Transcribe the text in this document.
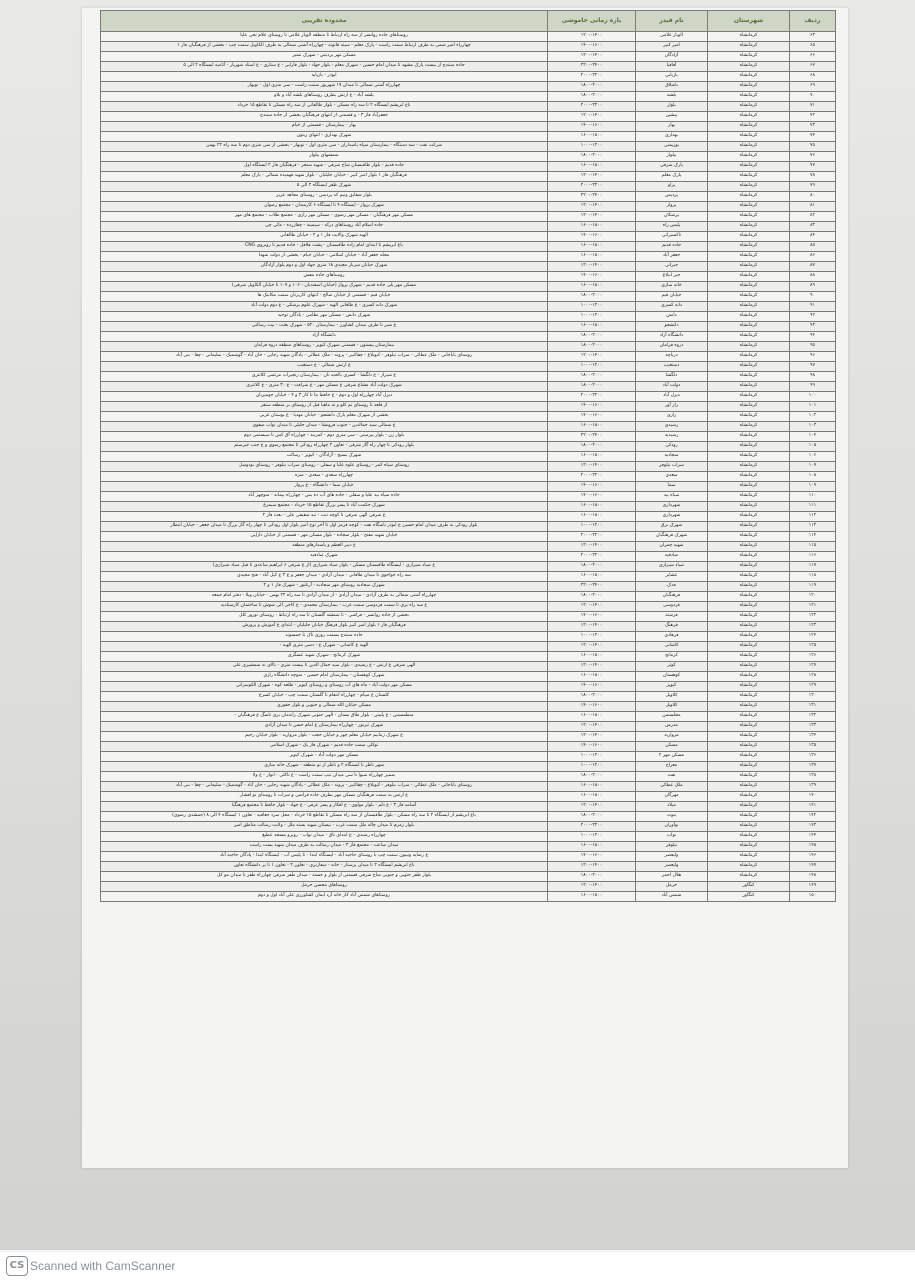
ردیف	شهرستان	نام فیدر	بازه زمانی خاموشی	محدوده تقریبی
۶۳	کرمانشاه	الوبار غلامی	۱۲۰۰-۱۴۰۰	روستاهای جاده روانسر از سه راه ارتباط تا منطقه الوبار غلامی تا روستای علام نجی علیا
۶۵	کرمانشاه	امیر کبیر	۱۴۰۰-۱۶۰۰	چهارراه امیر شمی به طرف ارتباط سمت راست - پارک معلم - سینه قانونه - چهارراه آشتی شمالی به طرف الکاویل سمت چپ - بخشی از فرهنگیان فاز ۱
۶۶	کرمانشاه	آزادگان	۱۲۰۰-۱۴۰۰	مسکن مهر پردیس - شهرک ممیز
۶۷	کرمانشاه	آفاقیا	۲۲۰۰-۲۴۰۰	جاده سنندج از بیست پارک مشهد تا میدان امام حسین - شهرک معلم - بلوار جهاد - بلوار فارابی - ع ستاری - ع استاد شهریار - آتامیه ایستگاه ۲ الی ۵
۶۸	کرمانشاه	بازیابی	۲۰۰۰-۲۲۰۰	ابوذر - بازیابه
۶۹	کرمانشاه	باشلاق	۱۸۰۰-۲۰۰۰	چهارراه آشتی شمالی تا میدان ۱۷ شهریور سمت راست - سی متری اول - نوبهار
۷۰	کرمانشاه	بلشه	۱۸۰۰-۲۰۰۰	بلشه آباد - ع ارتش بطرف روستاهای بلشه آباد و بلاو
۷۱	کرمانشاه	بلوار	۲۰۰۰-۲۲۰۰	باغ ابریشم ایستگاه ۲ تا سه راه مسکن - بلوار طالقانی از سه راه مسکن تا تقاطع ۱۵ خرداد
۷۲	کرمانشاه	بیشین	۱۲۰۰-۱۴۰۰	جعفرآباد فاز ۳ - و قسمتی از انتهای فرهنگیان بخشی از جاده سنندج
۷۳	کرمانشاه	بهار	۱۴۰۰-۱۶۰۰	بهار - بیمارستان - قسمتی از خیام
۷۴	کرمانشاه	بهداری	۱۶۰۰-۱۸۰۰	شهرک بهداری - انتهای زیتون
۷۵	کرمانشاه	بوزیمنی	۱۰۰۰-۱۲۰۰	شرکت نفت - سه دستگاه - بیمارستان سپاه پاسداران - سی متری اول - نوبهار - بخشی از سی متری دوم تا سه راه ۲۲ بهمن
۷۶	کرمانشاه	بیلوار	۱۸۰۰-۲۰۰۰	شمشهای بیلوار
۷۷	کرمانشاه	پارک شرقی	۱۶۰۰-۱۸۰۰	جاده قدیم - بلوار طاقبستان شاخ شرقی - شهید سنجر - فرهنگیان فاز ۲ ایستگاه اول
۷۸	کرمانشاه	پارک معلم	۱۲۰۰-۱۴۰۰	فرهنگیان فاز ۱ بلوار امیر کبیر - خیابان جلیلیان - بلوار شهید فهمیده شمالی - پارک معلم
۷۹	کرمانشاه	پراو	۲۰۰۰-۲۲۰۰	شهرک ظفر ایستگاه ۲ الی ۵
۸۰	کرمانشاه	پردیس	۲۲۰۰-۲۴۰۰	بلوار شقایق ونیم کد پردیس - روستای مجاهد عزیز
۸۱	کرمانشاه	پرواز	۱۲۰۰-۱۴۰۰	شهرک پرواز - ایستگاه ۴ تا ایستگاه ۶ کارمندان - مجتمع رضوان
۸۲	کرمانشاه	پزشکان	۱۲۰۰-۱۴۰۰	مسکن مهر فرهنگیان - مسکن مهر رضوی - مسکن مهر رازی - مجتمع طلاب - مجتمع های مهر
۸۳	کرمانشاه	پلیس راه	۱۶۰۰-۱۸۰۰	جاده اسلام آباد روستاهای درکه - سیمینه - چقازرده - مائی چی
۸۴	کرمانشاه	تاکسیرانی	۱۴۰۰-۱۶۰۰	الهیه شهرک والایت فاز ۱ و ۲ - خیابان طالقانی
۸۵	کرمانشاه	جاده قدیم	۱۶۰۰-۱۸۰۰	باغ ابریشم تا ابتدای امام زاده طاقبستان - پشت فلافل - جاده قدیم تا روبروی CNG
۸۶	کرمانشاه	جعفر آباد	۱۶۰۰-۱۸۰۰	محله جعفر آباد - خیابان اسلامی - خیابان خیام - بخشی از دولت شهدا
۸۷	کرمانشاه	جیرانی	۱۲۰۰-۱۴۰۰	شهرک خیابان سرباز مجیدی ۱۸ متری جهاد اول و دوم بلوار آزادگان
۸۸	کرمانشاه	جیر انبلاغ	۱۴۰۰-۱۶۰۰	روستاهای جاده بنفش
۸۹	کرمانشاه	خانه سازی	۱۶۰۰-۱۸۰۰	مسکن مهر پلی جاده قدیم - شهرک پرواز (خیابان اسفندیان - ۱۰۶ و ۱۰۷ تا خیابان الکاویل شرقی)
۹۰	کرمانشاه	خیابان قیم	۱۸۰۰-۲۰۰۰	خیابان قیم - قسمتی از خیابان صالح - انتهای کاربرتان سمت مکانیک ها
۹۱	کرمانشاه	دانه کسری	۱۰۰۰-۱۲۰۰	شهرک دانه کسری - ع طاقانی الهیه - شهرک علوم پزشکی - ع دوم دولت آباد
۹۲	کرمانشاه	دانش	۱۰۰۰-۱۲۰۰	شهرک دانش - مسکن مهر نظامی - پادگان توحید
۹۳	کرمانشاه	دانشجو	۱۶۰۰-۱۸۰۰	ع شیر تا طرف میدان کشاورز - بیمارستان ۵۲۰ - شهرک بعثت - بیت رسالتی
۹۴	کرمانشاه	دانشگاه آزاد	۱۸۰۰-۲۰۰۰	دانشگاه آزاد
۹۵	کرمانشاه	دروه فرامان	۱۸۰۰-۲۰۰۰	بیمارستان پیستون - قسمتی شهرک کیوپر - روستاهای منطقه دروه فرامان
۹۶	کرمانشاه	دریاچه	۱۲۰۰-۱۴۰۰	روستای باباجانی - ملک عطائی - سراب نیلوفر - کیوبلاغ - چقاکبیر - پروند - ملک عطائی - پادگان شهید رجایی - خان آباد - گوشمیک - سلیمانی - چقا - بنی آباد
۹۷	کرمانشاه	دستغیب	۱۰۰۰-۱۲۰۰	ع ارتش شمالی - ع دستغیب
۹۸	کرمانشاه	دلگشا	۱۸۰۰-۲۰۰۰	ع شیراز - ع دلگشا - کسری بالحیه نان - بیمارستان زنجیراب مرتضی کلانتری
۹۹	کرمانشاه	دولت آباد	۱۸۰۰-۲۰۰۰	شهرک دولت آباد مشاع شرقی ع مسکن مهر - ع شرافت - ع ۳۰ متری - ع کلانتری
۱۰۰	کرمانشاه	دیزل آباد	۲۰۰۰-۲۲۰۰	دیزل آباد چهارراه اول و دوم - ع حافظ ما تا کار ۳ و ۴ - خیابان جومیزبان
۱۰۱	کرمانشاه	راز آور	۱۴۰۰-۱۶۰۰	از قلعه تا روستای نم کلو و نه ماهیا قبل از روستای بر منطقه سنقر
۱۰۲	کرمانشاه	رازی	۱۴۰۰-۱۶۰۰	بخشی از شهرک معلم پارک دانشجو - خیابان مهدیا - ع بوستان غربی
۱۰۳	کرمانشاه	رشیدی	۱۶۰۰-۱۸۰۰	ع شمالی سید جمالدین - جنوب فرونشا - میدان جلیلی تا میدان نواب صفوی
۱۰۴	کرمانشاه	رشیدیه	۲۲۰۰-۲۴۰۰	بلوار زن - بلوار پیرمینی - سی متری دوم - کمربند - چهارراه آق کش تا سیستمی دوم
۱۰۵	کرمانشاه	رودکی	۱۸۰۰-۲۰۰۰	بلوار رودکی تا چهار راه گاز شرقی - تعاون ۲ چهارراه رودکی تا مجتمع رضوی و ع جنب جیرستم
۱۰۶	کرمانشاه	سجادیه	۱۶۰۰-۱۸۰۰	شهرک بسیج - آزادگان - کیوپر - رسالت
۱۰۷	کرمانشاه	سراب نیلوفر	۱۲۰۰-۱۴۰۰	روستای سیاه کمر - روستای علوه علیا و سفلی - روستای سراب نیلوفر - روستای نودوسل
۱۰۸	کرمانشاه	سعدی	۲۰۰۰-۲۲۰۰	چهارراه سعدی - سعدی - منزه
۱۰۹	کرمانشاه	سما	۱۴۰۰-۱۶۰۰	خیابان سما - دانشگاه - ع پرواز
۱۱۰	کرمانشاه	سیاه بید	۱۴۰۰-۱۶۰۰	جاده سیاه بید علیا و سفلی - جاده های آب ده بس - چهارراه بیمانه - منوچهر آباد
۱۱۱	کرمانشاه	شهرداری	۱۶۰۰-۱۸۰۰	شهرک حکمت آباد تا پسر بزرگ تقاطع ۱۵ خرداد - مجتمع سیمرغ
۱۱۲	کرمانشاه	شهرداری	۱۶۰۰-۱۸۰۰	ع شرقی الهی شرقی تا کوچه ثبت - تیه شقیقی علی - بعث فاز ۲
۱۱۳	کرمانشاه	شهرک برق	۱۰۰۰-۱۲۰۰	بلوار رودکی به طرف میدان امام حسین ع ابوذر باشگاه نفت - کوچه قرمز اول تا آخر نوح امیر بلوار اول رودکی تا چهار راه گاز بزرگ تا میدان جعفر - خیابان انتظار
۱۱۴	کرمانشاه	شهرک فرهنگیان	۲۰۰۰-۲۲۰۰	خیابان شهید مفتح - بلوار سجاده - بلوار مسکن مهر - قسمتی از خیابان داراپی
۱۱۵	کرمانشاه	شهید چمران	۱۲۰۰-۱۴۰۰	ع دبیر العظم و پاسدارهای منطقه
۱۱۶	کرمانشاه	صادقیه	۲۰۰۰-۲۲۰۰	شهرک صادقیه
۱۱۷	کرمانشاه	صیاد شیرازی	۱۸۰۰-۲۰۰۰	ع صیاد شیرازی - ایستگاه طاقبستان مسکن - بلوار صیاد شیرازی (از ع شرقی ۶ ابراهیم ساعدی تا قبل صیاد شیرازی)
۱۱۸	کرمانشاه	عشایر	۱۶۰۰-۱۸۰۰	سه راه خواجوی تا میدان طاقانی - میدان آزادی - میدان جعفر و ع ۳ ع کیل آباد - فتح مجیدی
۱۱۹	کرمانشاه	فدک	۲۲۰۰-۲۴۰۰	شهرک سجادیه روستای مهر سجادیه - آرنلنور - شهرک فاز ۱ و ۲
۱۲۰	کرمانشاه	فرهنگیان	۱۸۰۰-۲۰۰۰	چهارراه آشتی شمالی به طرف آزادی - میدان آزادی - از میدان آزادی تا سه راه ۲۲ بهمن - خیابان ویلا - دفتر امام جمعه
۱۲۱	کرمانشاه	فردوسی	۱۲۰۰-۱۴۰۰	ع سه راه بری تا سمت فردوسی سمت غرب - بیمارستان محمدی - ع کاخی الی شوش تا ساختمان کارستادیه
۱۲۲	کرمانشاه	فرشته	۱۴۰۰-۱۶۰۰	بخشی از جاده روانسر - فراشی - تا شمشه گلستان تا سه راه ارتباط - روستای تورور کلل
۱۲۳	کرمانشاه	فرهنگ	۱۲۰۰-۱۴۰۰	فرهنگیان فاز ۱ بلوار امیر کبیر بلوار فرهنگ خیابان جلیلیان - ابتدای ع آموزش و پرورش
۱۲۴	کرمانشاه	فرهادی	۱۰۰۰-۱۲۰۰	جاده سنندج بسمت روزی تاک تا خمسوند
۱۲۵	کرمانشاه	کاشانی	۱۲۰۰-۱۴۰۰	الهیه ع کاشانی - شهرک ع - دسی متری الهیه -
۱۲۶	کرمانشاه	کرمانج	۱۶۰۰-۱۸۰۰	شهرک کرمانج - شهرک شهید عسگری
۱۲۷	کرمانشاه	کوثر	۱۲۰۰-۱۴۰۰	الهی شرقی ع ارتش - ع رشیدی - بلوار سید جمال الدین تا بیست متری - بالای نه شمشیری علی
۱۲۸	کرمانشاه	کوهستان	۱۶۰۰-۱۸۰۰	شهرک کوهستان - بیمارستان امام حسین - منوچه دانشگاه رازی
۱۲۹	کرمانشاه	کیوپر	۱۴۰۰-۱۶۰۰	مسکن مهر دولت آباد - ماه های آب روستای و روستای کیوپر - طلعه کوه - شهرک الکوسرانی
۱۳۰	کرمانشاه	کلاویل	۱۸۰۰-۲۰۰۰	کلستان ع مبیام - چهارراه انتقام تا گلستان سمت چپ - خیابان کسرع
۱۳۱	کرمانشاه	کلاویل	۱۴۰۰-۱۶۰۰	مسکن خیابان الله شمالی و جنوبی و بلوار حقوری
۱۳۲	کرمانشاه	مخلستس	۱۶۰۰-۱۸۰۰	منطمستین - ع پلیس - بلوار طاق بستان - الهی جنوبی شهرک راندمان بری تاشگ ع فرهنگیان -
۱۳۳	کرمانشاه	مدرس	۱۲۰۰-۱۴۰۰	شهرک تیرنور - چهارراه بیمارستان ع امام حسن تا میدان آزادی
۱۳۴	کرمانشاه	مروارید	۱۲۰۰-۱۴۰۰	ع شهرک زمانیم خیابان معلم جهر و خیابان حجت - بلوار مروارید - بلوار خیابان رحیم
۱۳۵	کرمانشاه	مسکن	۱۴۰۰-۱۶۰۰	توکلی سمت جاده قدیم - شهرک فاز یک - شهرک اسلامی
۱۳۶	کرمانشاه	مسکن مهر ۲	۱۰۰۰-۱۲۰۰	مسکن مهر دولت آباد - شهرک کیوپر
۱۳۷	کرمانشاه	معراج	۱۰۰۰-۱۲۰۰	شهر ناظر تا ایستگاه ۲ و ناظر از تو منطقه - شهرک خانه سازی
۱۳۸	کرمانشاه	نفت	۱۸۰۰-۲۰۰۰	ضمیر چهارراه سیوا تا سی میدان تیپ سمت راست - ع تاکلی - انوار - ع ولا
۱۳۹	کرمانشاه	ملک عطائی	۱۶۰۰-۱۸۰۰	روستای باباجانی - ملک عطائی - سراب نیلوفر - کیوبلاغ - چقاکبیر - پروند - ملک عطائی - پادگان شهید رجایی - خان آباد - گوشمیک - سلیمانی - چقا - بنی آباد
۱۴۰	کرمانشاه	مهرگان	۱۶۰۰-۱۸۰۰	ع ارتش به سمت فرهنگیان مسکن مهر بطرف جاده فراشی و سراب تا روستای نو افشار
۱۴۱	کرمانشاه	میلاد	۱۲۰۰-۱۴۰۰	آشامه فاز ۳ - ع دلم - بلوار مولوی - ع افکار و پسر عرفی - ع جهاد - بلوار حافظ تا مجتمع فرهنگیا
۱۴۲	کرمانشاه	نبوت	۱۸۰۰-۲۰۰۰	باغ ابریشم از ایستگاه ۲ تا سه راه مسکن - بلوار طاقبستان از سه راه مسکن تا تقاطع ۱۵ خرداد - محل سرد جعافیه - تعاون ۱ ایستگاه ۴ الی ۸ (جمشدی رضوی)
۱۴۳	کرمانشاه	نوآوران	۲۰۰۰-۲۲۰۰	بلوار زمزم تا میدان چاله ملل سمت غرب - بیستان شهید بسته ملل - ولایت رسالت مناطق امیر
۱۴۴	کرمانشاه	نواب	۱۰۰۰-۱۲۰۰	چهارراه رشیدی - ع ابتدای تاق - میدان نواب - روبرو مسجد عطیع
۱۴۵	کرمانشاه	نیلوفر	۱۶۰۰-۱۸۰۰	میدان ساعت - مجتمع فاز ۳ - میدان رسالت به طرف میدان شهید بست راست
۱۴۶	کرمانشاه	ولیعصر	۱۴۰۰-۱۶۰۰	ع رضایه ونیبون سمت چپ با روستای حاجیه آباد - ایستگاه ابتدا - تا پلیس آب - ایستگاه ابتدا - پادگان حاجیه آباد
۱۴۷	کرمانشاه	ولیعصر	۱۲۰۰-۱۴۰۰	باغ ابریشم ایستگاه ۲ تا میدان پرستار - خانه - سفارتری - تعاون ۲ - تعاون ۱ تا پر دانشگاه تعاون
۱۴۸	کرمانشاه	هلال احمر	۱۸۰۰-۲۰۰۰	بلوار ظفر جنوبی و جنوبی شاخ شرقی قسمتی از بلوار و جسته - میدان ظفر شرقی چهارراه ظفر تا میدان مو کل
۱۴۹	کنگاور	حرمل	۱۲۰۰-۱۴۰۰	روستاهای محسن حرمل
۱۵۰	کنگاور	شمس آباد	۱۶۰۰-۱۸۰۰	روستاهای شمس آباد کار خانه آرد ایمان کشاورزی علی آباد اول و دوم
CS Scanned with CamScanner
